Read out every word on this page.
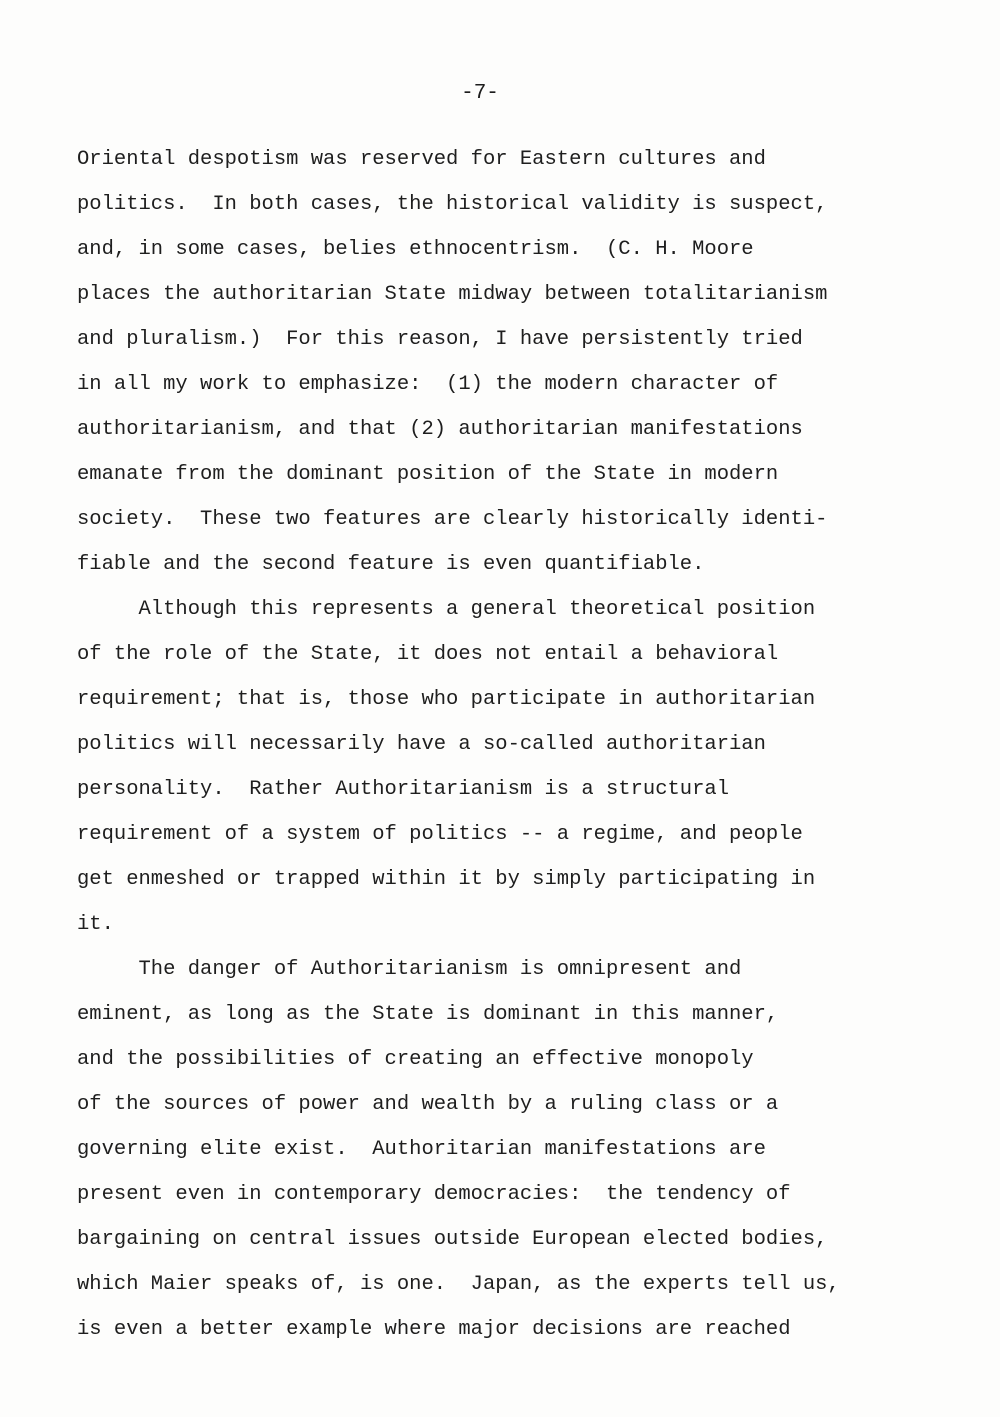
-7-
Oriental despotism was reserved for Eastern cultures and
politics.  In both cases, the historical validity is suspect,
and, in some cases, belies ethnocentrism.  (C. H. Moore
places the authoritarian State midway between totalitarianism
and pluralism.)  For this reason, I have persistently tried
in all my work to emphasize:  (1) the modern character of
authoritarianism, and that (2) authoritarian manifestations
emanate from the dominant position of the State in modern
society.  These two features are clearly historically identi-
fiable and the second feature is even quantifiable.
Although this represents a general theoretical position
of the role of the State, it does not entail a behavioral
requirement; that is, those who participate in authoritarian
politics will necessarily have a so-called authoritarian
personality.  Rather Authoritarianism is a structural
requirement of a system of politics -- a regime, and people
get enmeshed or trapped within it by simply participating in
it.
The danger of Authoritarianism is omnipresent and
eminent, as long as the State is dominant in this manner,
and the possibilities of creating an effective monopoly
of the sources of power and wealth by a ruling class or a
governing elite exist.  Authoritarian manifestations are
present even in contemporary democracies:  the tendency of
bargaining on central issues outside European elected bodies,
which Maier speaks of, is one.  Japan, as the experts tell us,
is even a better example where major decisions are reached
